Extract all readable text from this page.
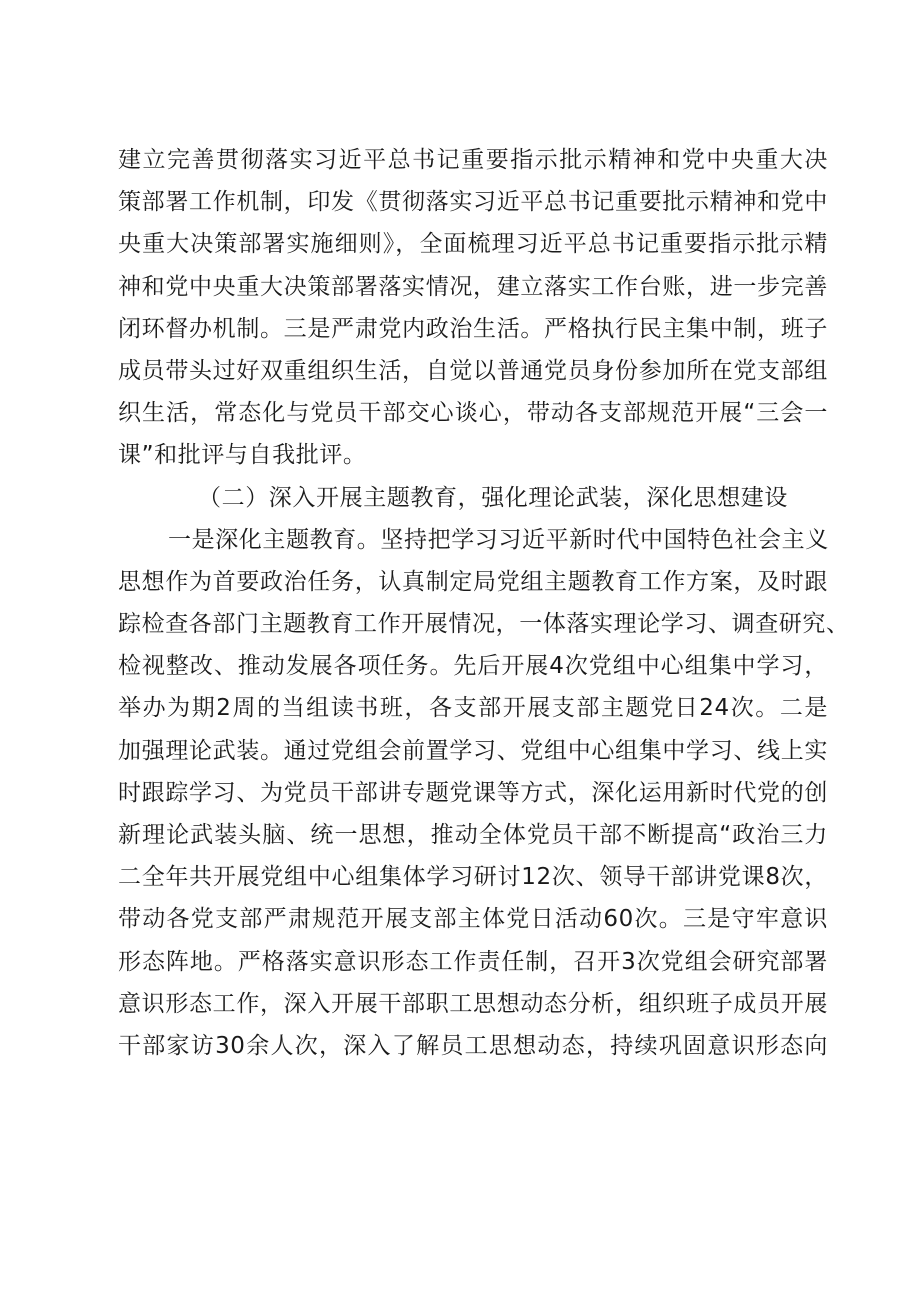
建立完善贯彻落实习近平总书记重要指示批示精神和党中央重大决
策部署工作机制，印发《贯彻落实习近平总书记重要批示精神和党中
央重大决策部署实施细则》，全面梳理习近平总书记重要指示批示精
神和党中央重大决策部署落实情况，建立落实工作台账，进一步完善
闭环督办机制。三是严肃党内政治生活。严格执行民主集中制，班子
成员带头过好双重组织生活，自觉以普通党员身份参加所在党支部组
织生活，常态化与党员干部交心谈心，带动各支部规范开展“三会一
课”和批评与自我批评。
（二）深入开展主题教育，强化理论武装，深化思想建设
一是深化主题教育。坚持把学习习近平新时代中国特色社会主义
思想作为首要政治任务，认真制定局党组主题教育工作方案，及时跟
踪检查各部门主题教育工作开展情况，一体落实理论学习、调查研究、
检视整改、推动发展各项任务。先后开展4次党组中心组集中学习，
举办为期2周的当组读书班，各支部开展支部主题党日24次。二是
加强理论武装。通过党组会前置学习、党组中心组集中学习、线上实
时跟踪学习、为党员干部讲专题党课等方式，深化运用新时代党的创
新理论武装头脑、统一思想，推动全体党员干部不断提高“政治三力
二全年共开展党组中心组集体学习研讨12次、领导干部讲党课8次，
带动各党支部严肃规范开展支部主体党日活动60次。三是守牢意识
形态阵地。严格落实意识形态工作责任制，召开3次党组会研究部署
意识形态工作，深入开展干部职工思想动态分析，组织班子成员开展
干部家访30余人次，深入了解员工思想动态，持续巩固意识形态向
